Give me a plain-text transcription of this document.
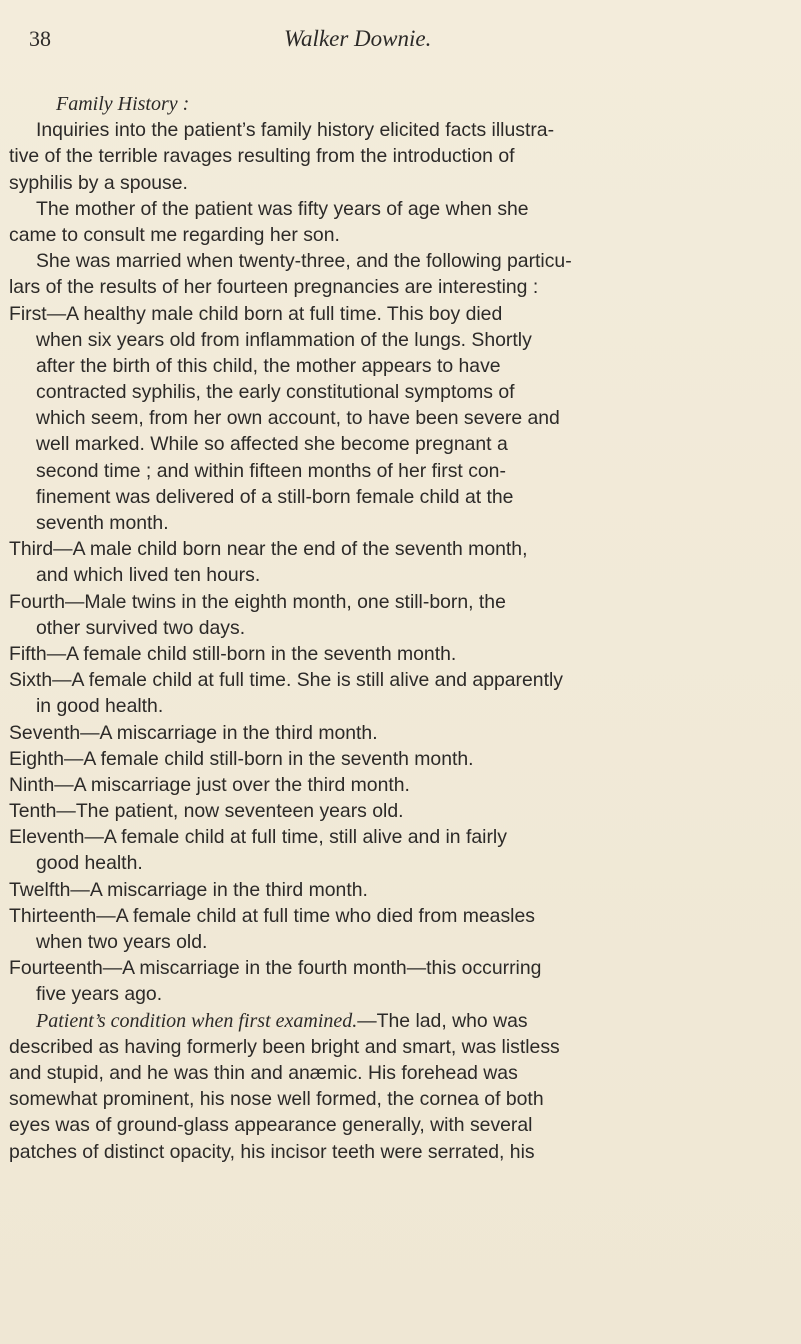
38	Walker Downie.
Family History :
Inquiries into the patient’s family history elicited facts illustra-
tive of the terrible ravages resulting from the introduction of
syphilis by a spouse.
The mother of the patient was fifty years of age when she
came to consult me regarding her son.
She was married when twenty-three, and the following particu-
lars of the results of her fourteen pregnancies are interesting :
First—A healthy male child born at full time. This boy died
when six years old from inflammation of the lungs. Shortly
after the birth of this child, the mother appears to have
contracted syphilis, the early constitutional symptoms of
which seem, from her own account, to have been severe and
well marked. While so affected she become pregnant a
second time ; and within fifteen months of her first con-
finement was delivered of a still-born female child at the
seventh month.
Third—A male child born near the end of the seventh month,
and which lived ten hours.
Fourth—Male twins in the eighth month, one still-born, the
other survived two days.
Fifth—A female child still-born in the seventh month.
Sixth—A female child at full time. She is still alive and apparently
in good health.
Seventh—A miscarriage in the third month.
Eighth—A female child still-born in the seventh month.
Ninth—A miscarriage just over the third month.
Tenth—The patient, now seventeen years old.
Eleventh—A female child at full time, still alive and in fairly
good health.
Twelfth—A miscarriage in the third month.
Thirteenth—A female child at full time who died from measles
when two years old.
Fourteenth—A miscarriage in the fourth month—this occurring
five years ago.
Patient’s condition when first examined.—The lad, who was
described as having formerly been bright and smart, was listless
and stupid, and he was thin and anæmic. His forehead was
somewhat prominent, his nose well formed, the cornea of both
eyes was of ground-glass appearance generally, with several
patches of distinct opacity, his incisor teeth were serrated, his
